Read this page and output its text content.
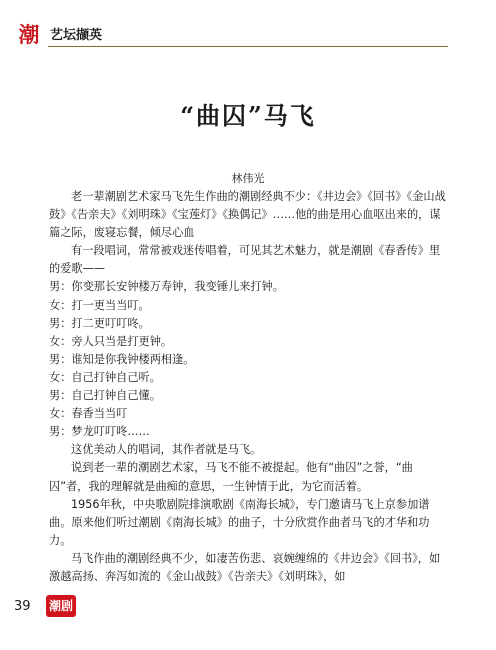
潮 艺坛撷英
“曲囚”马飞
林伟光

老一辈潮剧艺术家马飞先生作曲的潮剧经典不少：《井边会》《回书》《金山战鼓》《告亲夫》《刘明珠》《宝莲灯》《换偶记》……他的曲是用心血呕出来的，谋篇之际，废寝忘餐，倾尽心血

有一段唱词，常常被戏迷传唱着，可见其艺术魅力，就是潮剧《春香传》里的爱歌——

男：你变那长安钟楼万寿钟，我变锤儿来打钟。

女：打一更当当叮。

男：打二更叮叮咚。

女：旁人只当是打更钟。

男：谁知是你我钟楼两相逢。

女：自己打钟自己听。

男：自己打钟自己懂。

女：春香当当叮

男：梦龙叮叮咚……

这优美动人的唱词，其作者就是马飞。

说到老一辈的潮剧艺术家，马飞不能不被提起。他有“曲囚”之誉，“曲囚”者，我的理解就是曲痴的意思，一生钟情于此，为它而活着。

1956年秋，中央歌剧院排演歌剧《南海长城》，专门邀请马飞上京参加谱曲。原来他们听过潮剧《南海长城》的曲子，十分欣赏作曲者马飞的才华和功力。

马飞作曲的潮剧经典不少，如凄苦伤悲、哀婉缠绵的《井边会》《回书》，如激越高扬、奔泻如流的《金山战鼓》《告亲夫》《刘明珠》，如

39 潮剧
